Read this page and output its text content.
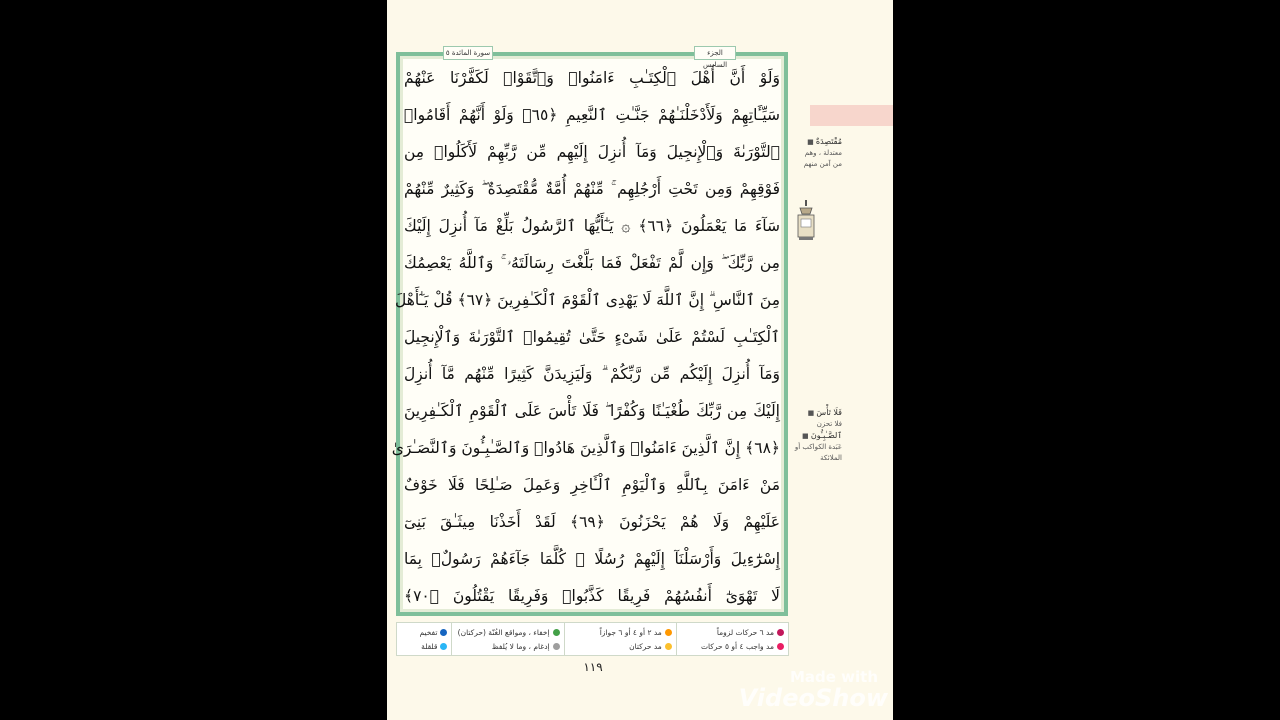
سورة المائدة ٥	الجزء السادس
وَلَوْ أَنَّ أَهْلَ ٱلْكِتَـٰبِ ءَامَنُوا۟ وَٱتَّقَوْا۟ لَكَفَّرْنَا عَنْهُمْ
سَيِّـَٔاتِهِمْ وَلَأَدْخَلْنَـٰهُمْ جَنَّـٰتِ ٱلنَّعِيمِ ﴿٦٥﴾ وَلَوْ أَنَّهُمْ أَقَامُوا۟
ٱلتَّوْرَىٰةَ وَٱلْإِنجِيلَ وَمَآ أُنزِلَ إِلَيْهِم مِّن رَّبِّهِمْ لَأَكَلُوا۟ مِن
فَوْقِهِمْ وَمِن تَحْتِ أَرْجُلِهِم ۚ مِّنْهُمْ أُمَّةٌ مُّقْتَصِدَةٌ ۖ وَكَثِيرٌ مِّنْهُمْ
سَآءَ مَا يَعْمَلُونَ ﴿٦٦﴾ ۞ يَـٰٓأَيُّهَا ٱلرَّسُولُ بَلِّغْ مَآ أُنزِلَ إِلَيْكَ
مِن رَّبِّكَ ۖ وَإِن لَّمْ تَفْعَلْ فَمَا بَلَّغْتَ رِسَالَتَهُۥ ۚ وَٱللَّهُ يَعْصِمُكَ
مِنَ ٱلنَّاسِ ۗ إِنَّ ٱللَّهَ لَا يَهْدِى ٱلْقَوْمَ ٱلْكَـٰفِرِينَ ﴿٦٧﴾ قُلْ يَـٰٓأَهْلَ
ٱلْكِتَـٰبِ لَسْتُمْ عَلَىٰ شَىْءٍ حَتَّىٰ تُقِيمُوا۟ ٱلتَّوْرَىٰةَ وَٱلْإِنجِيلَ
وَمَآ أُنزِلَ إِلَيْكُم مِّن رَّبِّكُمْ ۗ وَلَيَزِيدَنَّ كَثِيرًا مِّنْهُم مَّآ أُنزِلَ
إِلَيْكَ مِن رَّبِّكَ طُغْيَـٰنًا وَكُفْرًا ۖ فَلَا تَأْسَ عَلَى ٱلْقَوْمِ ٱلْكَـٰفِرِينَ
﴿٦٨﴾ إِنَّ ٱلَّذِينَ ءَامَنُوا۟ وَٱلَّذِينَ هَادُوا۟ وَٱلصَّـٰبِـُٔونَ وَٱلنَّصَـٰرَىٰ
مَنْ ءَامَنَ بِٱللَّهِ وَٱلْيَوْمِ ٱلْـَٔاخِرِ وَعَمِلَ صَـٰلِحًا فَلَا خَوْفٌ
عَلَيْهِمْ وَلَا هُمْ يَحْزَنُونَ ﴿٦٩﴾ لَقَدْ أَخَذْنَا مِيثَـٰقَ بَنِىٓ
إِسْرَٰٓءِيلَ وَأَرْسَلْنَآ إِلَيْهِمْ رُسُلًا ۖ كُلَّمَا جَآءَهُمْ رَسُولٌۢ بِمَا
لَا تَهْوَىٰٓ أَنفُسُهُمْ فَرِيقًا كَذَّبُوا۟ وَفَرِيقًا يَقْتُلُونَ ﴿٧٠﴾
مُقْتَصِدَةٌ ■
معتدلة ، وهم من آمن منهم
فَلَا تَأْسَ ■
فلا تحزن
ٱلصَّـٰبِـُٔونَ ■
عَبَدة الكواكب أو الملائكة
مد ٦ حركات لزوماً
مد واجب ٤ أو ٥ حركات
مد ٢ أو ٤ أو ٦ جوازاً
مد حركتان
إخفاء ، ومواقع الغُنّة (حركتان)
إدغام ، وما لا يُلفظ
تفخيم
قلقلة
١١٩
Made with
VideoShow
